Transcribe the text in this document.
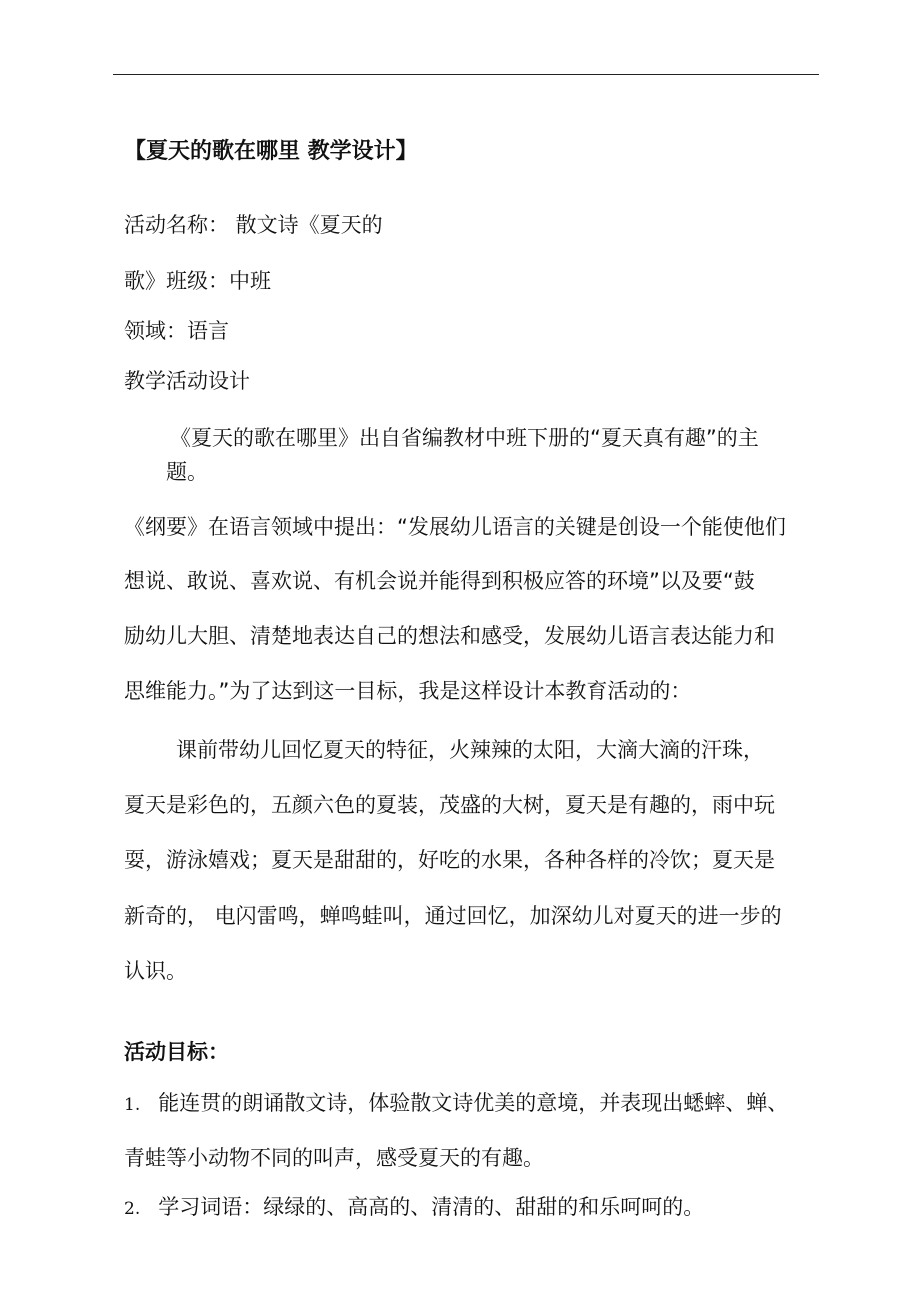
【夏天的歌在哪里 教学设计】
活动名称： 散文诗《夏天的
歌》班级：中班
领域：语言
教学活动设计
《夏天的歌在哪里》出自省编教材中班下册的“夏天真有趣”的主
题。
《纲要》在语言领域中提出：“发展幼儿语言的关键是创设一个能使他们
想说、敢说、喜欢说、有机会说并能得到积极应答的环境”以及要“鼓
励幼儿大胆、清楚地表达自己的想法和感受，发展幼儿语言表达能力和
思维能力。”为了达到这一目标，我是这样设计本教育活动的：
课前带幼儿回忆夏天的特征，火辣辣的太阳，大滴大滴的汗珠，
夏天是彩色的，五颜六色的夏装，茂盛的大树，夏天是有趣的，雨中玩
耍，游泳嬉戏；夏天是甜甜的，好吃的水果，各种各样的冷饮；夏天是
新奇的， 电闪雷鸣，蝉鸣蛙叫，通过回忆，加深幼儿对夏天的进一步的
认识。
活动目标：
1. 能连贯的朗诵散文诗，体验散文诗优美的意境，并表现出蟋蟀、蝉、
青蛙等小动物不同的叫声，感受夏天的有趣。
2. 学习词语：绿绿的、高高的、清清的、甜甜的和乐呵呵的。
